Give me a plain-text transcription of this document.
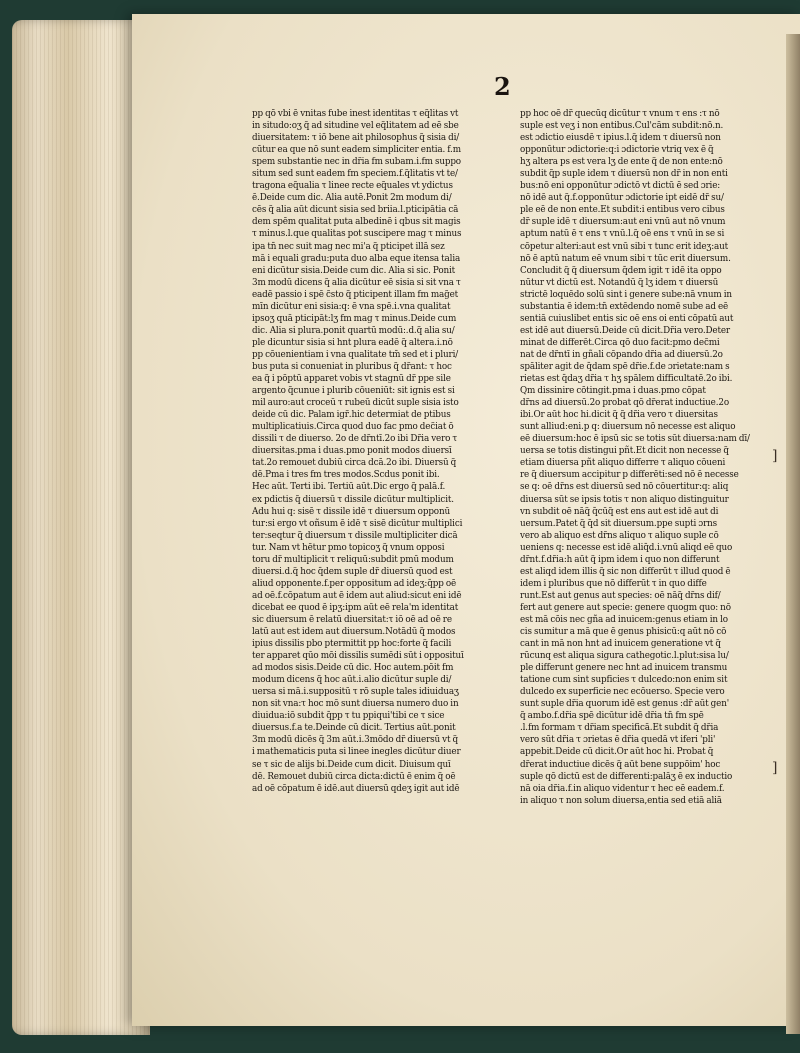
2

pp qō vbi ē vnitas fube inest identitas τ eq̃litas vt

in situdo:oʒ q̃ ad situdine vel eq̃litatem ad eē sbe

diuersitatem: τ iō bene ait philosophus q̃ sisia di/

cūtur ea que nō sunt eadem simpliciter entia. f.m

spem substantie nec in dr̃ia fm subam.i.fm suppo

situm sed sunt eadem fm speciem.f.q̃litatis vt te/

tragona eq̃ualia τ linee recte eq̃uales vt ydictus

ē.Deide cum dic. Alia autē.Ponit 2m modum di/

cēs q̃ alia aūt dicunt̃ sisia sed briia.l.pticipātia cā

dem spēm qualitat̃ puta albedinē i qbus sit magis

τ minus.l.que qualitas pot suscipere mag τ minus

ipa tn̄ nec suit mag nec mi'a q̃ pticipet illā sez

mā i equali gradu:puta duo alba eque itensa talia

eni dicūtur sisia.Deide cum dic. Alia si sic. Ponit

3m modū dicens q̃ alia dicūtur eē sisia si sit vna τ

eadē passio i spē c̃sto q̃ pticipent illam fm mag̃et

mīn dicūtur eni sisia:q: ē vna spē.i.vna qualitat̃

ipsoʒ quā pticipāt:lʒ fm mag τ minus.Deide cum

dic. Alia si plura.ponit quartū modū:.d.q̃ alia su/

ple dicuntur sisia si hnt plura eadē q̃ altera.i.nō

pp cōuenientiam i vna qualitate tm̄ sed et i pluri/

bus puta si conueniat in pluribus q̃ dr̃ant: τ hoc

ea q̃ i pōptū apparet vobis vt stagnū dr̃ ppe sile

argento q̃cunue i plurib cōueniūt: sit ignis est si

mil auro:aut croceū τ rubeū dicūt suple sisia isto

deide cū dic. Palam igr̃.hic determiat de ptibus

multiplicatiuis.Circa quod duo fac pmo dec̃iat ō

dissili τ de diuerso. 2o de dr̃ntī.2o ibi Dr̃ia vero τ

diuersitas.pma i duas.pmo ponit modos diuersī

tat̃.2o remouet dubiū circa dcā.2o ibi. Diuersū q̃

dē.Pma i tres fm tres modos.Scdus ponit ibi.

Hec aūt. Terti ibi. Tertiū aūt.Dic ergo q̃ palā.f.

ex pdictis q̃ diuersū τ dissile dicūtur multiplicit.

Adu hui q: sisē τ dissile idē τ diuersum opponū

tur:si ergo vt oñsum ē idē τ sisē dicūtur multiplici

ter:seqtur q̃ diuersum τ dissile multipliciter dicā

tur. Nam vt hētur pmo topicoʒ q̃ vnum opposi

toru dr̃ multiplicit τ reliquū:subdit pmū modum

diuersi.d.q̃ hoc q̄dem suple dr̃ diuersū quod est

aliud opponente.f.per oppositum ad ideʒ:q̄pp oē

ad oē.f.cōpatum aut ē idem aut aliud:sicut eni idē

dicebat ee quod ē ipʒ:ipm aūt eē rela'm identitat

sic diuersum ē relatū diuersitat:τ iō oē ad oē re

latū aut est idem aut diuersum.Notādū q̃ modos

ipius dissilis pbo ptermittit pp hoc:forte q̃ facili

ter apparet qūo mōi dissilis sumēdi sūt i opposituī

ad modos sisis.Deide cū dic. Hoc autem.pōit fm

modum dicens q̃ hoc aūt.i.alio dicūtur suple di/

uersa si mā.i.suppositū τ rō suple tales idiuiduaʒ

non sit vna:τ hoc mō sunt diuersa numero duo in

diuidua:iō subdit q̄pp τ tu ppiqui'tibi ce τ sice

diuersus.f.a te.Deinde cū dicit. Tertius aūt.ponit

3m modū dicēs q̃ 3m aūt.i.3mōdo dr̃ diuersū vt q̃

i mathematicis puta si linee inegles dicūtur diuer

se τ sic de alijs bi.Deide cum dicit. Diuisum quī

dē. Remouet dubiū circa dicta:dictū ē enim q̃ oē

ad oē cōpatum ē idē.aut diuersū qdeʒ igit aut idē

pp hoc oē dr̃ quecūq dicūtur τ vnum τ ens :τ nō

suple est veʒ i non entibus.Cul'cām subdit:nō.n.

est ɔdictio eiusdē τ ipius.l.q̃ idem τ diuersū non

opponūtur ɔdictorie:q:i ɔdictorie vtriq vex ē q̃

hʒ altera ps est vera lʒ de ente q̃ de non ente:nō

subdit q̃p suple idem τ diuersū non dr̃ in non enti

bus:nō eni opponūtur ɔdictō vt dictū ē sed ɔrie:

nō idē aut q̃.f.opponūtur ɔdictorie ipt eidē dr̃ su/

ple eē de non ente.Et subdit:i entibus vero cibus

dr̃ suple idē τ diuersum:aut eni vnū aut nō vnum

aptum natū ē τ ens τ vnū.l.q̃ oē ens τ vnū in se si

cōpetur alteri:aut est vnū sibi τ tunc erit ideʒ:aut

nō ē aptū natum eē vnum sibi τ tūc erit diuersum.

Concludit q̃ q̃ diuersum q̄dem igit τ idē ita oppo

nūtur vt dictū est. Notandū q̃ lʒ idem τ diuersū

strictē loquēdo solū sint i genere sube:nā vnum in

substantia ē idem:tn̄ extēdendo nomē sube ad eē

sentiā cuiuslibet entis sic oē ens oi enti cōpatū aut

est idē aut diuersū.Deide cū dicit.Dr̃ia vero.Deter

minat de differēt.Circa qō duo facit:pmo dec̃mi

nat de dr̃ntī in gñali cōpando dr̃ia ad diuersū.2o

spāliter agit de q̄dam spē dr̃ie.f.de ɔrietate:nam s

rietas est q̄daʒ dr̃ia τ hʒ spālem difficultatē.2o ibi.

Qm dissinire cōtingit.pma i duas.pmo cōpat

dr̃ns ad diuersū.2o probat qō dr̃erat inductiue.2o

ibi.Or aūt hoc hi.dicit q̃ q̃ dr̃ia vero τ diuersitas

sunt alliud:eni.p q: diuersum nō necesse est aliquo

eē diuersum:hoc ē ipsū sic se totis sūt diuersa:nam dī/

uersa se totis distingui pñt.Et dicit non necesse q̃

etiam diuersa pñt aliquo differre τ aliquo cōueni

re q̃ diuersum accipitur p differēti:sed nō ē necesse

se q: oē dr̃ns est diuersū sed nō cōuertitur:q: aliq

diuersa sūt se ipsis totis τ non aliquo distinguitur

vn subdit oē nāq̃ q̄cūq̃ est ens aut est idē aut di

uersum.Patet q̃ q̄d sit diuersum.ppe supti ɔrns

vero ab aliquo est dr̃ns aliquo τ aliquo suple cō

ueniens q: necesse est idē aliq̄d.i.vnū aliqd eē quo

dr̃nt.f.dr̃ia:h aūt q̃ ipm idem i quo non differunt

est aliqd idem illis q̃ sic non differūt τ illud quod ē

idem i pluribus que nō differūt τ in quo diffe

runt.Est aut genus aut species: oē nāq̃ dr̃ns dif/

fert aut genere aut specie: genere quogm quo: nō

est mā cōis nec gña ad inuicem:genus etiam in lo

cis sumitur a mā que ē genus phisicū:q aūt nō cō

cant in mā non hnt ad inuicem generatione vt q̃

rūcunq est aliqua sigura cathegotic.l.plut:sisa lu/

ple differunt genere nec hnt ad inuicem transmu

tatione cum sint supficies τ dulcedo:non enim sit

dulcedo ex superficie nec ecōuerso. Specie vero

sunt suple dr̃ia quorum idē est genus :dr̃ aūt gen'

q̃ ambo.f.dr̃ia spē dicūtur idē dr̃ia tn̄ fm spē

.l.fm formam τ dr̃iam specificā.Et subdit q̃ dr̃ia

vero sūt dr̃ia τ ɔrietas ē dr̃ia quedā vt iferi 'pli'

appebit.Deide cū dicit.Or aūt hoc hi. Probat q̄

dr̃erat inductiue dicēs q̃ aūt bene suppōim' hoc

suple qō dictū est de differenti:palāʒ ē ex inductio

nā oia dr̃ia.f.in aliquo videntur τ hec eē eadem.f.

in aliquo τ non solum diuersa,entia sed etiā aliā

]
]
